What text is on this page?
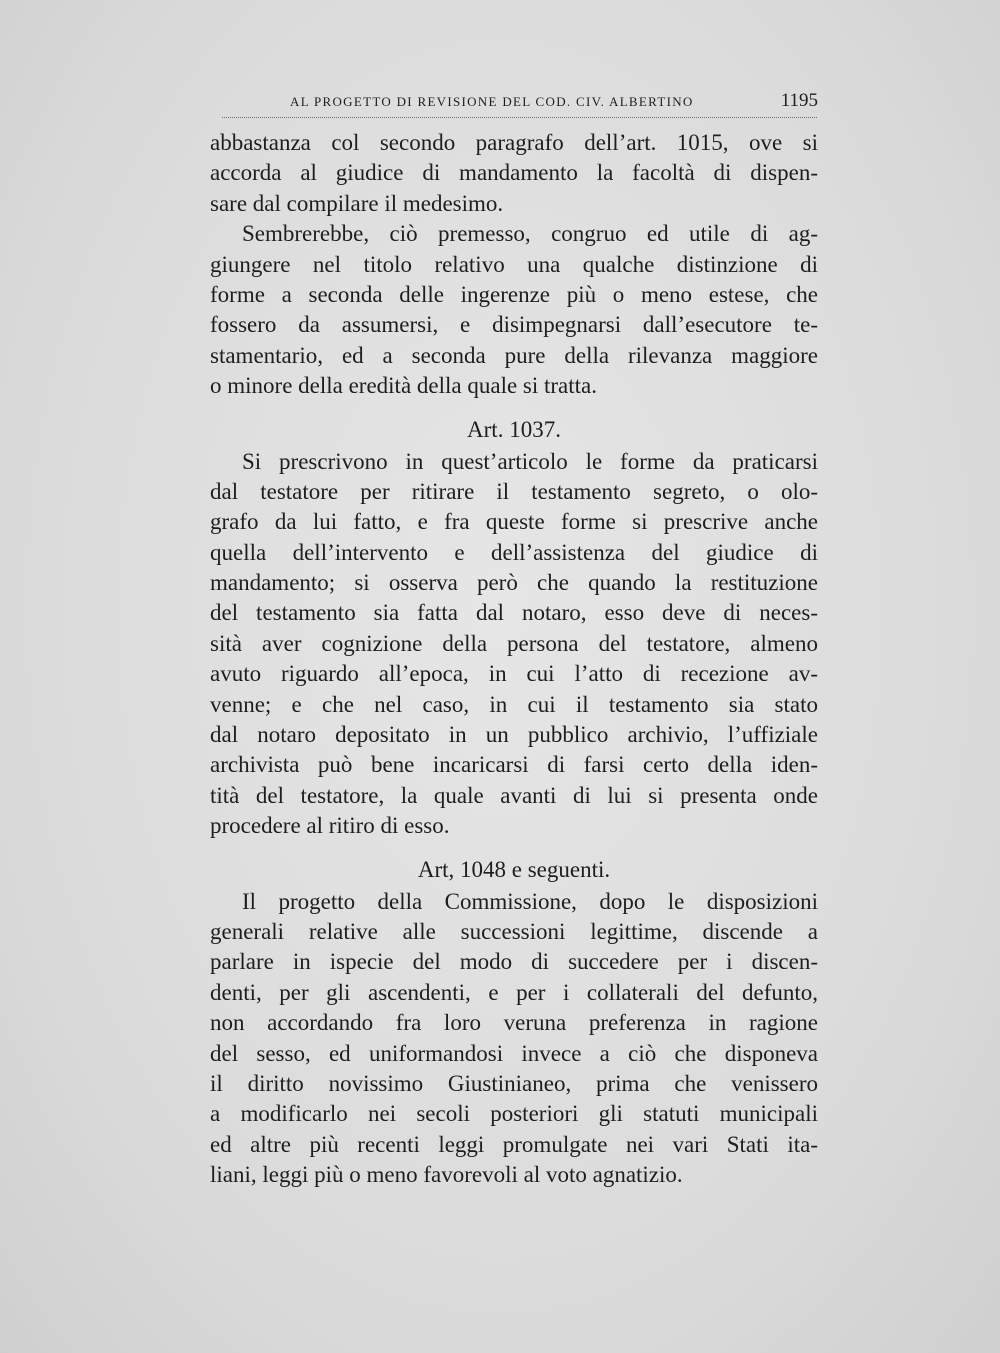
AL PROGETTO DI REVISIONE DEL COD. CIV. ALBERTINO	1195
abbastanza col secondo paragrafo dell’art. 1015, ove si
accorda al giudice di mandamento la facoltà di dispen-
sare dal compilare il medesimo.
Sembrerebbe, ciò premesso, congruo ed utile di ag-
giungere nel titolo relativo una qualche distinzione di
forme a seconda delle ingerenze più o meno estese, che
fossero da assumersi, e disimpegnarsi dall’esecutore te-
stamentario, ed a seconda pure della rilevanza maggiore
o minore della eredità della quale si tratta.
Art. 1037.
Si prescrivono in quest’articolo le forme da praticarsi
dal testatore per ritirare il testamento segreto, o olo-
grafo da lui fatto, e fra queste forme si prescrive anche
quella dell’intervento e dell’assistenza del giudice di
mandamento; si osserva però che quando la restituzione
del testamento sia fatta dal notaro, esso deve di neces-
sità aver cognizione della persona del testatore, almeno
avuto riguardo all’epoca, in cui l’atto di recezione av-
venne; e che nel caso, in cui il testamento sia stato
dal notaro depositato in un pubblico archivio, l’uffiziale
archivista può bene incaricarsi di farsi certo della iden-
tità del testatore, la quale avanti di lui si presenta onde
procedere al ritiro di esso.
Art, 1048 e seguenti.
Il progetto della Commissione, dopo le disposizioni
generali relative alle successioni legittime, discende a
parlare in ispecie del modo di succedere per i discen-
denti, per gli ascendenti, e per i collaterali del defunto,
non accordando fra loro veruna preferenza in ragione
del sesso, ed uniformandosi invece a ciò che disponeva
il diritto novissimo Giustinianeo, prima che venissero
a modificarlo nei secoli posteriori gli statuti municipali
ed altre più recenti leggi promulgate nei vari Stati ita-
liani, leggi più o meno favorevoli al voto agnatizio.
